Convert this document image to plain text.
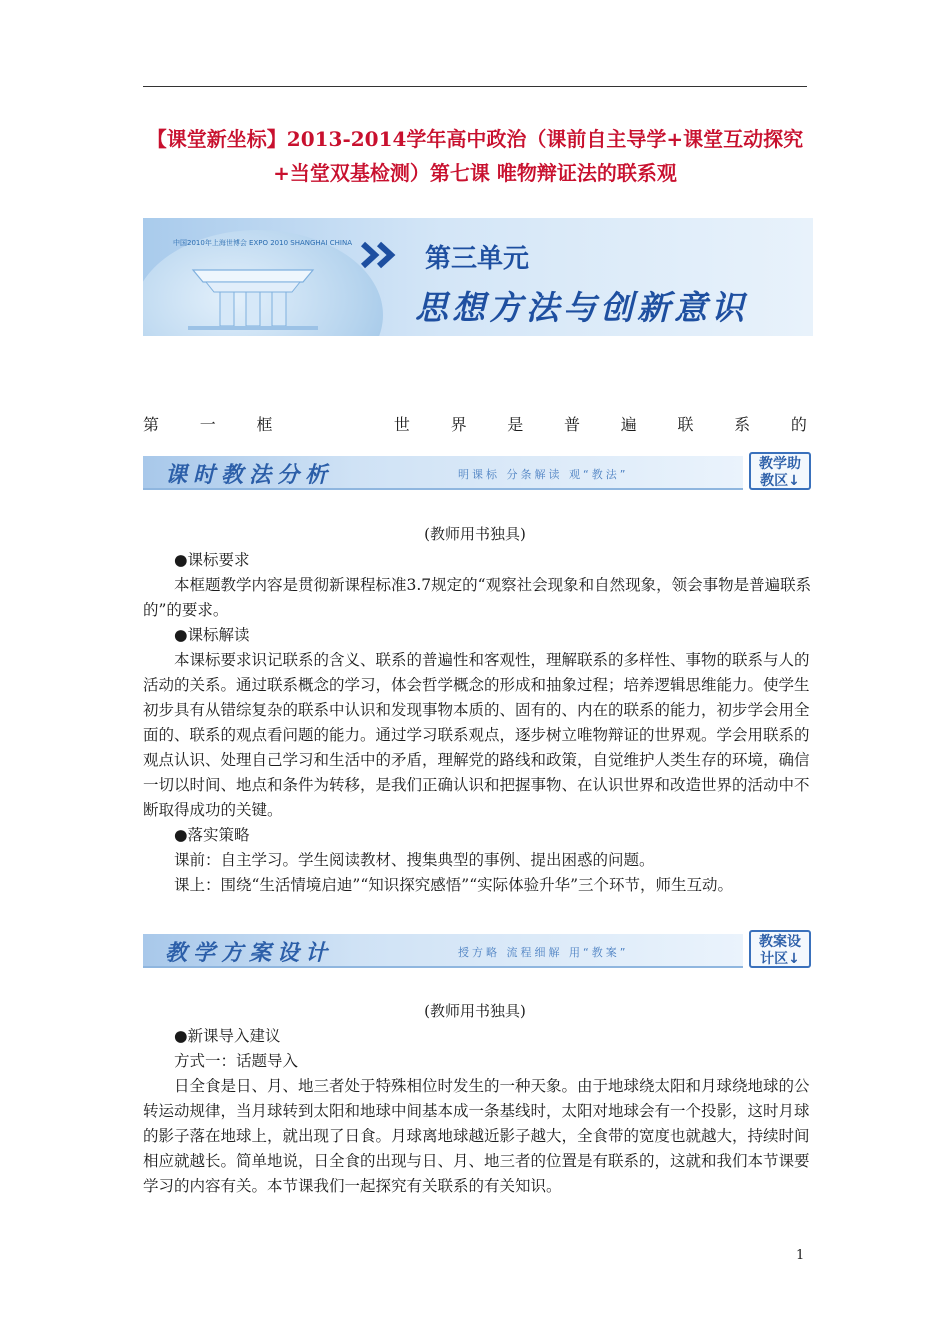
【课堂新坐标】2013-2014学年高中政治（课前自主导学+课堂互动探究+当堂双基检测）第七课 唯物辩证法的联系观
中国2010年上海世博会 EXPO 2010 SHANGHAI CHINA
第三单元
思想方法与创新意识
第	一	框	世	界	是	普	遍	联	系	的
课时教法分析	明课标 分条解读 观“教法”
教学助
教区↓
(教师用书独具)

●课标要求

本框题教学内容是贯彻新课程标准3.7规定的“观察社会现象和自然现象，领会事物是普遍联系的”的要求。

●课标解读

本课标要求识记联系的含义、联系的普遍性和客观性，理解联系的多样性、事物的联系与人的活动的关系。通过联系概念的学习，体会哲学概念的形成和抽象过程；培养逻辑思维能力。使学生初步具有从错综复杂的联系中认识和发现事物本质的、固有的、内在的联系的能力，初步学会用全面的、联系的观点看问题的能力。通过学习联系观点，逐步树立唯物辩证的世界观。学会用联系的观点认识、处理自己学习和生活中的矛盾，理解党的路线和政策，自觉维护人类生存的环境，确信一切以时间、地点和条件为转移，是我们正确认识和把握事物、在认识世界和改造世界的活动中不断取得成功的关键。

●落实策略

课前：自主学习。学生阅读教材、搜集典型的事例、提出困惑的问题。

课上：围绕“生活情境启迪”“知识探究感悟”“实际体验升华”三个环节，师生互动。

教学方案设计	授方略 流程细解 用“教案”
教案设
计区↓
(教师用书独具)

●新课导入建议

方式一：话题导入

日全食是日、月、地三者处于特殊相位时发生的一种天象。由于地球绕太阳和月球绕地球的公转运动规律，当月球转到太阳和地球中间基本成一条基线时，太阳对地球会有一个投影，这时月球的影子落在地球上，就出现了日食。月球离地球越近影子越大，全食带的宽度也就越大，持续时间相应就越长。简单地说，日全食的出现与日、月、地三者的位置是有联系的，这就和我们本节课要学习的内容有关。本节课我们一起探究有关联系的有关知识。

1
